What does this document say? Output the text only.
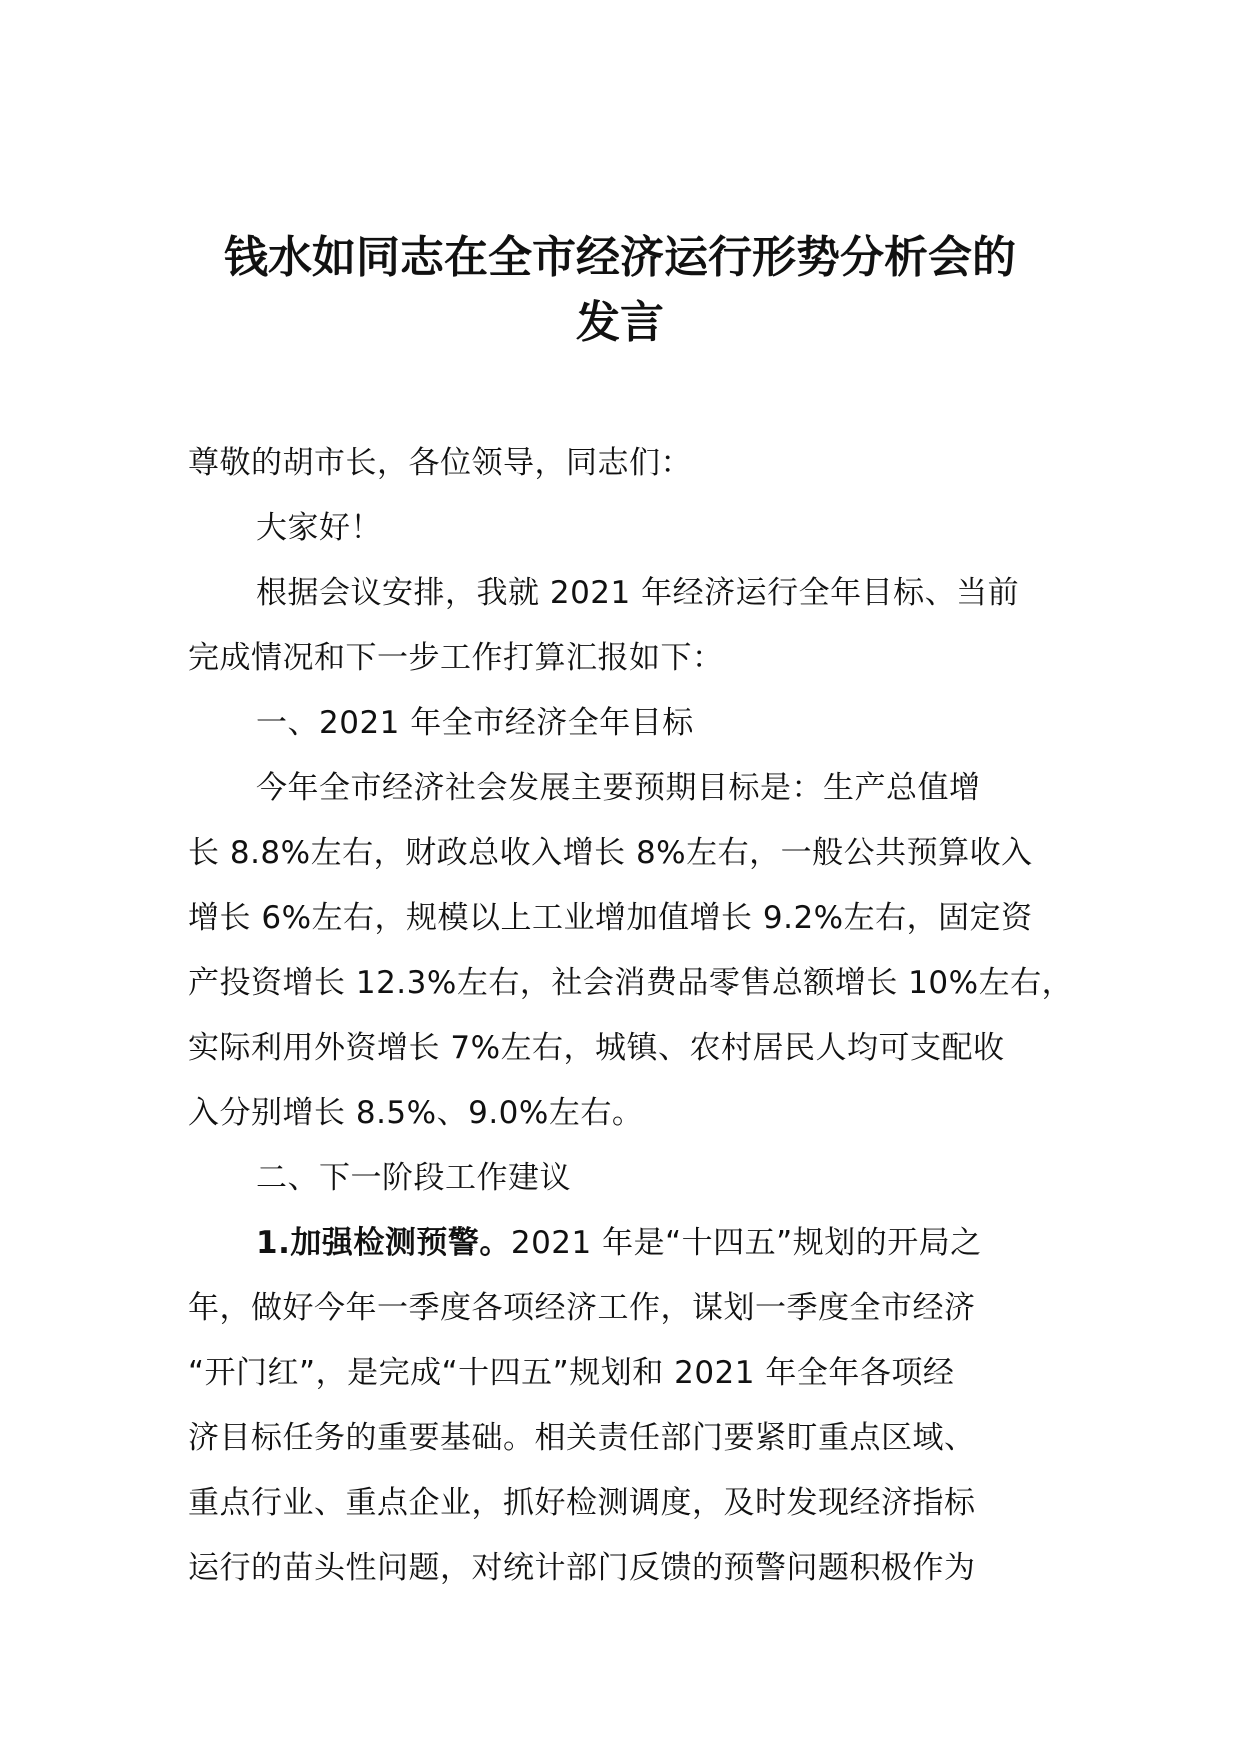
钱水如同志在全市经济运行形势分析会的
发言
尊敬的胡市长，各位领导，同志们：
大家好！
根据会议安排，我就 2021 年经济运行全年目标、当前
完成情况和下一步工作打算汇报如下：
一、2021 年全市经济全年目标
今年全市经济社会发展主要预期目标是：生产总值增
长 8.8%左右，财政总收入增长 8%左右，一般公共预算收入
增长 6%左右，规模以上工业增加值增长 9.2%左右，固定资
产投资增长 12.3%左右，社会消费品零售总额增长 10%左右，
实际利用外资增长 7%左右，城镇、农村居民人均可支配收
入分别增长 8.5%、9.0%左右。
二、下一阶段工作建议
1.加强检测预警。2021 年是“十四五”规划的开局之
年，做好今年一季度各项经济工作，谋划一季度全市经济
“开门红”，是完成“十四五”规划和 2021 年全年各项经
济目标任务的重要基础。相关责任部门要紧盯重点区域、
重点行业、重点企业，抓好检测调度，及时发现经济指标
运行的苗头性问题，对统计部门反馈的预警问题积极作为
